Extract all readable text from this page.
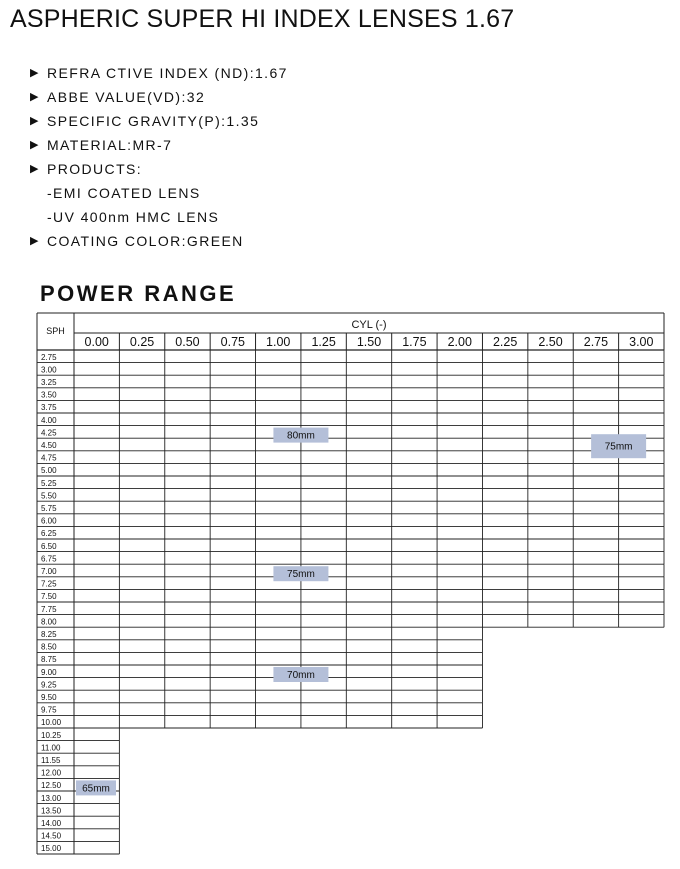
ASPHERIC SUPER HI INDEX LENSES 1.67
▶ REFRA CTIVE INDEX (ND):1.67
▶ ABBE VALUE(VD):32
▶ SPECIFIC GRAVITY(P):1.35
▶ MATERIAL:MR-7
▶ PRODUCTS:
-EMI COATED LENS
-UV 400nm HMC LENS
▶ COATING COLOR:GREEN
POWER RANGE
SPH	CYL (-)
0.00 0.25 0.50 0.75 1.00 1.25 1.50 1.75 2.00 2.25 2.50 2.75 3.00
2.75
3.00
3.25
3.50
3.75
4.00
4.25
4.50
4.75
5.00
5.25
5.50
5.75
6.00
6.25
6.50
6.75
7.00
7.25
7.50
7.75
8.00
8.25
8.50
8.75
9.00
9.25
9.50
9.75
10.00
10.25
11.00
11.55
12.00
12.50
13.00
13.50
14.00
14.50
15.00
80mm
75mm
75mm
70mm
65mm
